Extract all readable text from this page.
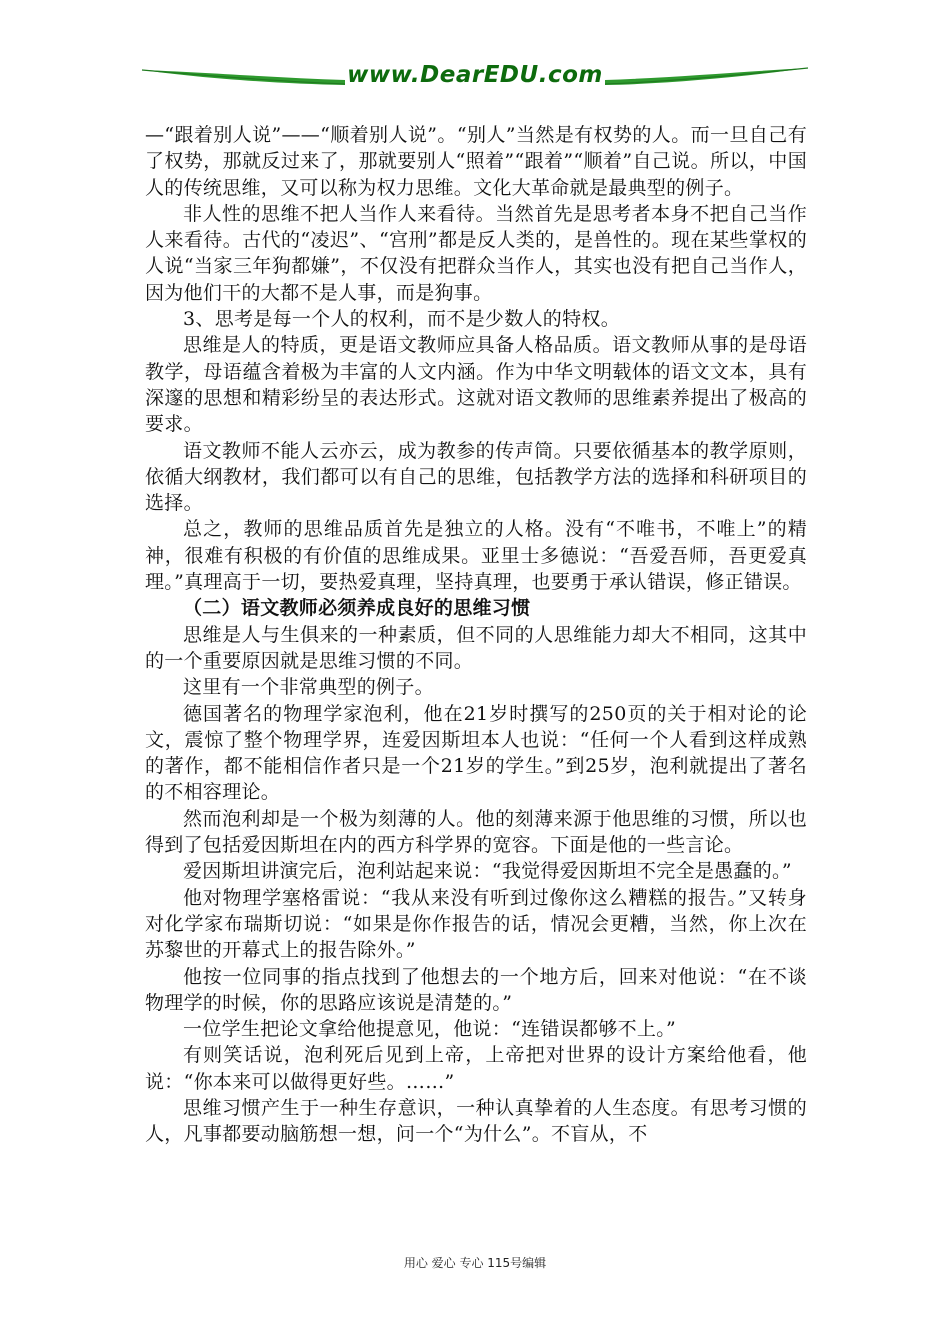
www.DearEDU.com

—“跟着别人说”——“顺着别人说”。“别人”当然是有权势的人。而一旦自己有了权势，那就反过来了，那就要别人“照着”“跟着”“顺着”自己说。所以，中国人的传统思维，又可以称为权力思维。文化大革命就是最典型的例子。

非人性的思维不把人当作人来看待。当然首先是思考者本身不把自己当作人来看待。古代的“凌迟”、“宫刑”都是反人类的，是兽性的。现在某些掌权的人说“当家三年狗都嫌”，不仅没有把群众当作人，其实也没有把自己当作人，因为他们干的大都不是人事，而是狗事。

3、思考是每一个人的权利，而不是少数人的特权。

思维是人的特质，更是语文教师应具备人格品质。语文教师从事的是母语教学，母语蕴含着极为丰富的人文内涵。作为中华文明载体的语文文本，具有深邃的思想和精彩纷呈的表达形式。这就对语文教师的思维素养提出了极高的要求。

语文教师不能人云亦云，成为教参的传声筒。只要依循基本的教学原则，依循大纲教材，我们都可以有自己的思维，包括教学方法的选择和科研项目的选择。

总之，教师的思维品质首先是独立的人格。没有“不唯书，不唯上”的精神，很难有积极的有价值的思维成果。亚里士多德说：“吾爱吾师，吾更爱真理。”真理高于一切，要热爱真理，坚持真理，也要勇于承认错误，修正错误。

（二）语文教师必须养成良好的思维习惯

思维是人与生俱来的一种素质，但不同的人思维能力却大不相同，这其中的一个重要原因就是思维习惯的不同。

这里有一个非常典型的例子。

德国著名的物理学家泡利，他在21岁时撰写的250页的关于相对论的论文，震惊了整个物理学界，连爱因斯坦本人也说：“任何一个人看到这样成熟的著作，都不能相信作者只是一个21岁的学生。”到25岁，泡利就提出了著名的不相容理论。

然而泡利却是一个极为刻薄的人。他的刻薄来源于他思维的习惯，所以也得到了包括爱因斯坦在内的西方科学界的宽容。下面是他的一些言论。

爱因斯坦讲演完后，泡利站起来说：“我觉得爱因斯坦不完全是愚蠢的。”

他对物理学塞格雷说：“我从来没有听到过像你这么糟糕的报告。”又转身对化学家布瑞斯切说：“如果是你作报告的话，情况会更糟，当然，你上次在苏黎世的开幕式上的报告除外。”

他按一位同事的指点找到了他想去的一个地方后，回来对他说：“在不谈物理学的时候，你的思路应该说是清楚的。”

一位学生把论文拿给他提意见，他说：“连错误都够不上。”

有则笑话说，泡利死后见到上帝，上帝把对世界的设计方案给他看，他说：“你本来可以做得更好些。……”

思维习惯产生于一种生存意识，一种认真挚着的人生态度。有思考习惯的人，凡事都要动脑筋想一想，问一个“为什么”。不盲从，不

用心 爱心 专心 115号编辑
